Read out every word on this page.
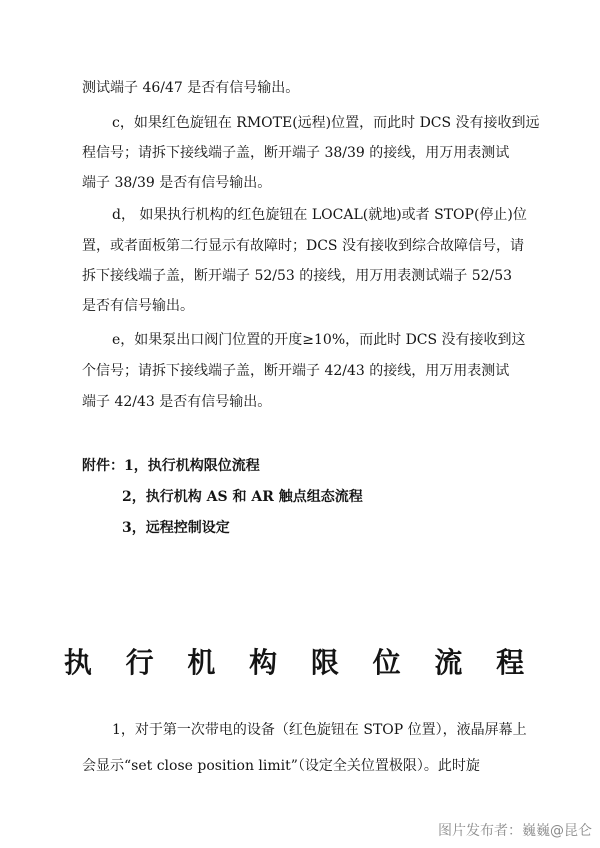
测试端子 46/47 是否有信号输出。
c，如果红色旋钮在 RMOTE(远程)位置，而此时 DCS 没有接收到远
程信号；请拆下接线端子盖，断开端子 38/39 的接线，用万用表测试
端子 38/39 是否有信号输出。
d， 如果执行机构的红色旋钮在 LOCAL(就地)或者 STOP(停止)位
置，或者面板第二行显示有故障时；DCS 没有接收到综合故障信号，请
拆下接线端子盖，断开端子 52/53 的接线，用万用表测试端子 52/53
是否有信号输出。
e，如果泵出口阀门位置的开度≥10%，而此时 DCS 没有接收到这
个信号；请拆下接线端子盖，断开端子 42/43 的接线，用万用表测试
端子 42/43 是否有信号输出。
附件：1，执行机构限位流程
2，执行机构 AS 和 AR 触点组态流程
3，远程控制设定
执 行 机 构 限 位 流 程
1，对于第一次带电的设备（红色旋钮在 STOP 位置），液晶屏幕上
会显示“set close position limit”（设定全关位置极限）。此时旋
图片发布者：巍巍@昆仑
